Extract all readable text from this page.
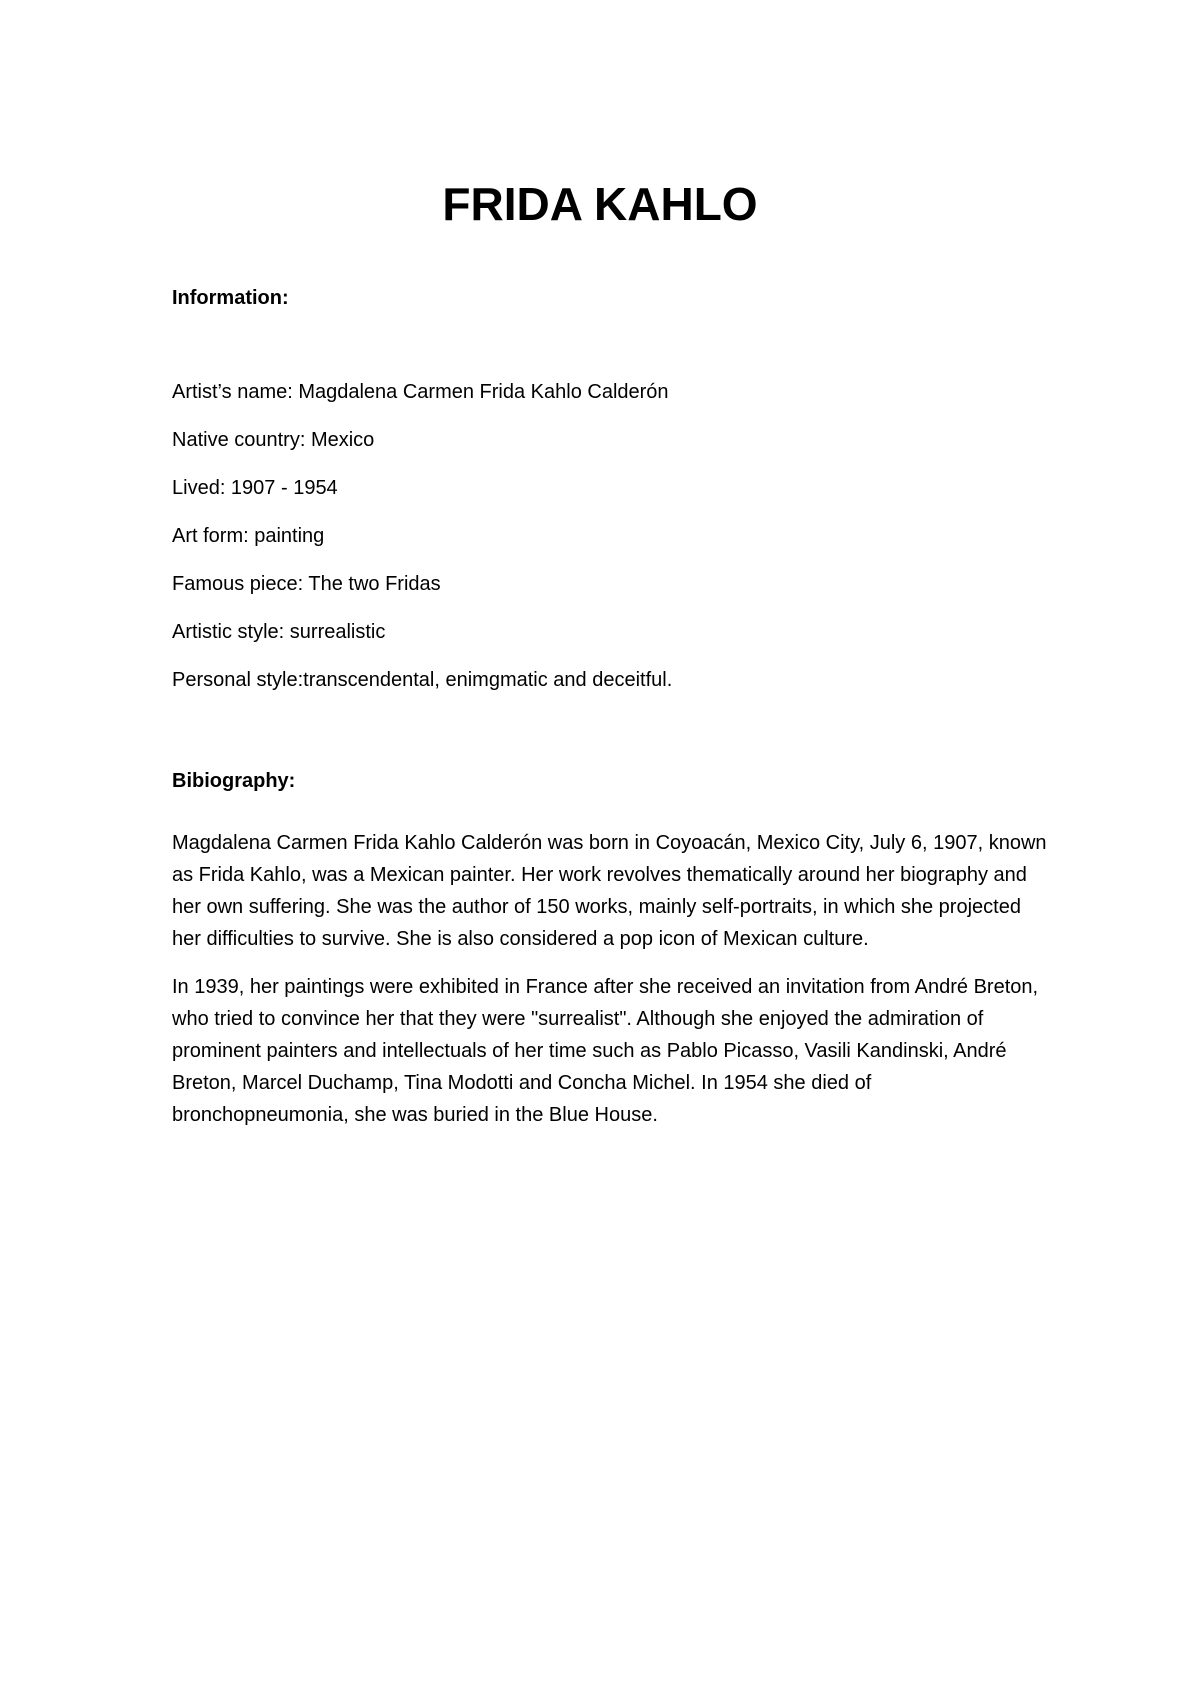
FRIDA KAHLO
Information:
Artist’s name: Magdalena Carmen Frida Kahlo Calderón
Native country: Mexico
Lived: 1907 - 1954
Art form: painting
Famous piece: The two Fridas
Artistic style: surrealistic
Personal style:transcendental, enimgmatic and deceitful.
Bibiography:

Magdalena Carmen Frida Kahlo Calderón was born in Coyoacán, Mexico City, July 6, 1907, known as Frida Kahlo, was a Mexican painter. Her work revolves thematically around her biography and her own suffering. She was the author of 150 works, mainly self-portraits, in which she projected her difficulties to survive. She is also considered a pop icon of Mexican culture.

In 1939, her paintings were exhibited in France after she received an invitation from André Breton, who tried to convince her that they were "surrealist". Although she enjoyed the admiration of prominent painters and intellectuals of her time such as Pablo Picasso, Vasili Kandinski, André Breton, Marcel Duchamp, Tina Modotti and Concha Michel. In 1954 she died of bronchopneumonia, she was buried in the Blue House.
